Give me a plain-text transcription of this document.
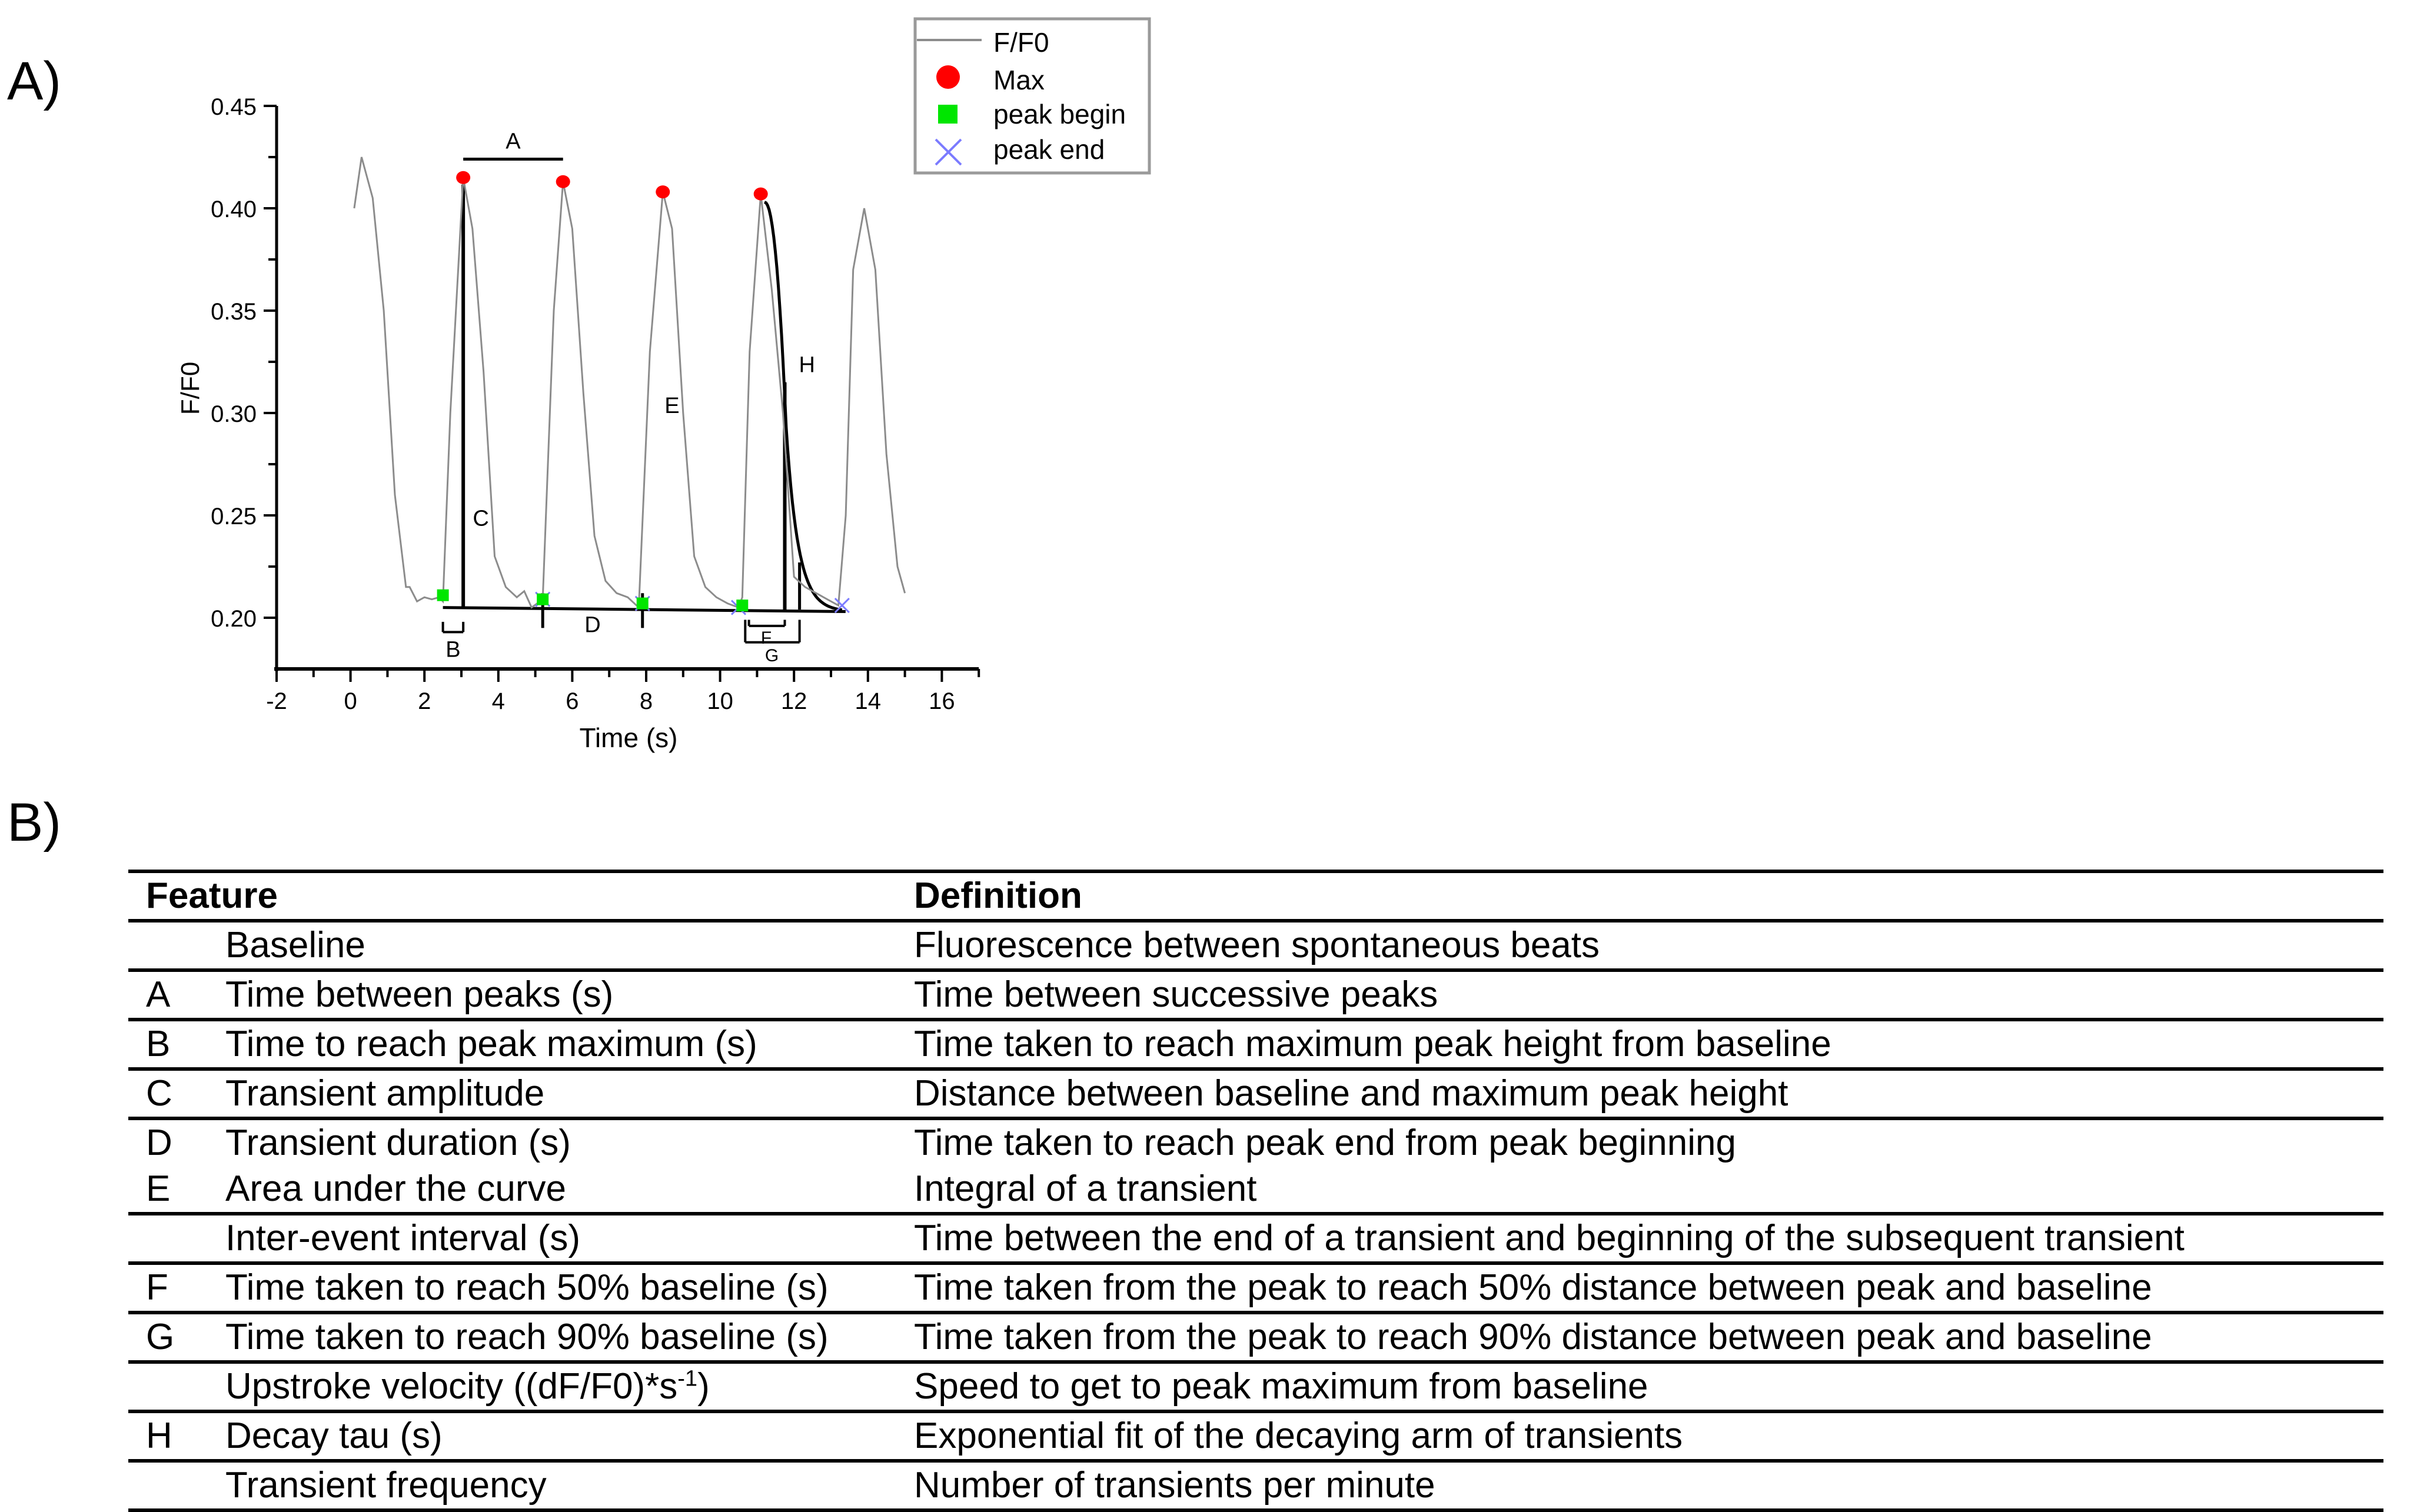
A)
B)
0.20
0.25
0.30
0.35
0.40
0.45
-2 0	2	4	6	8 10 12 14 16
F/F0
Time (s)
A
C
B
D
E
H
F
G
F/F0
Max
peak begin
peak end
Feature		Definition
	Baseline	Fluorescence between spontaneous beats
A	Time between peaks (s)	Time between successive peaks
B	Time to reach peak maximum (s)	Time taken to reach maximum peak height from baseline
C	Transient amplitude	Distance between baseline and maximum peak height
D	Transient duration (s)	Time taken to reach peak end from peak beginning
E	Area under the curve	Integral of a transient
	Inter-event interval (s)	Time between the end of a transient and beginning of the subsequent transient
F	Time taken to reach 50% baseline (s)	Time taken from the peak to reach 50% distance between peak and baseline
G	Time taken to reach 90% baseline (s)	Time taken from the peak to reach 90% distance between peak and baseline
	Upstroke velocity $((dF/F0)*s^{-1})$	Speed to get to peak maximum from baseline
H	Decay tau (s)	Exponential fit of the decaying arm of transients
	Transient frequency	Number of transients per minute
